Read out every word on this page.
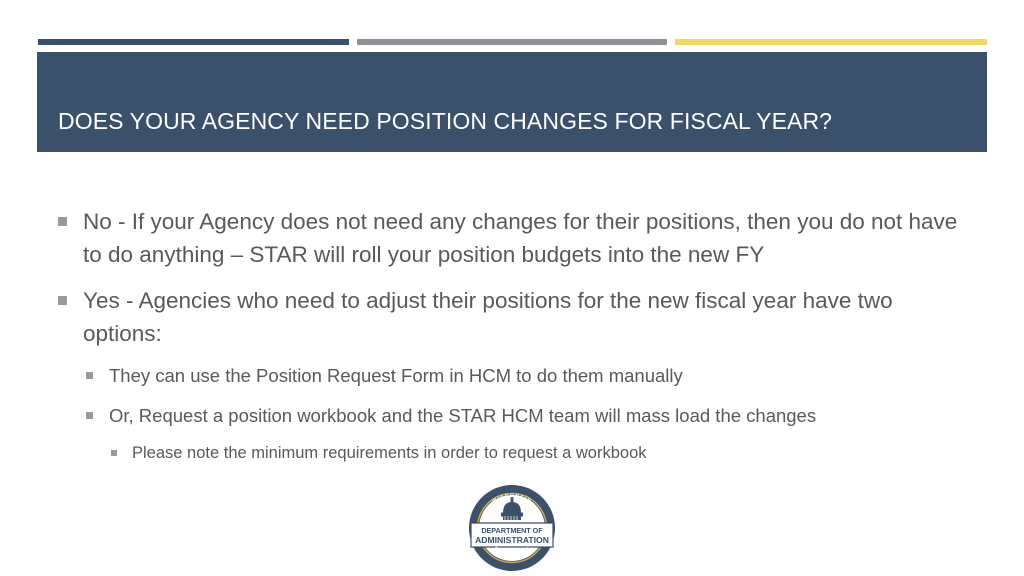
DOES YOUR AGENCY NEED POSITION CHANGES FOR FISCAL YEAR?
No - If your Agency does not need any changes for their positions, then you do not have to do anything – STAR will roll your position budgets into the new FY
Yes - Agencies who need to adjust their positions for the new fiscal year have two options:
They can use the Position Request Form in HCM to do them manually
Or, Request a position workbook and the STAR HCM team will mass load the changes
Please note the minimum requirements in order to request a workbook
DEPARTMENT OF
ADMINISTRATION
WISCONSIN
DOA.WI.GOV
